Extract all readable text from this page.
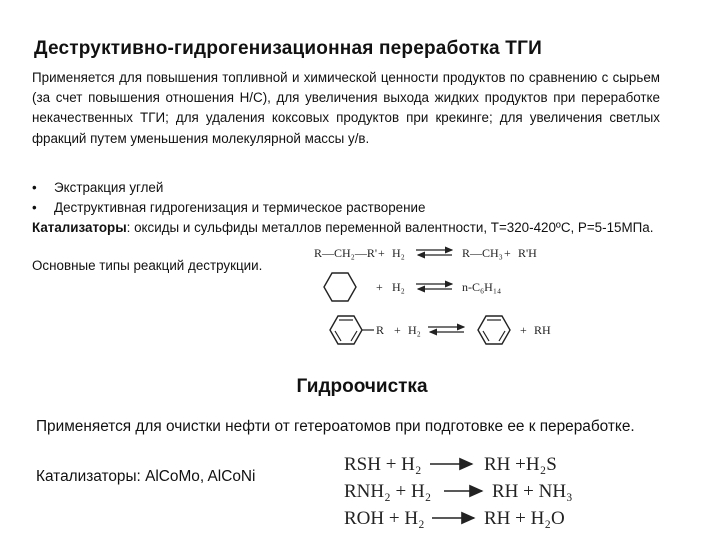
Деструктивно-гидрогенизационная переработка ТГИ
Применяется для повышения топливной и химической ценности продуктов по сравнению с сырьем (за счет повышения отношения Н/С), для увеличения выхода жидких продуктов при переработке некачественных ТГИ; для удаления коксовых продуктов при крекинге; для увеличения светлых фракций путем уменьшения молекулярной массы у/в.
• Экстракция углей
• Деструктивная гидрогенизация и термическое растворение
Катализаторы: оксиды и сульфиды металлов переменной валентности, Т=320-420ºС, Р=5-15МПа.
Основные типы реакций деструкции.
R—CH₂—R' + H₂	R—CH₃ + R'H
+ H₂	n-C₆H₁₄
R + H₂	+ RH
Гидроочистка
Применяется для очистки нефти от гетероатомов при подготовке ее к переработке.
Катализаторы: AlCoMo, AlCoNi
RSH + H₂	RH +H₂S
RNH₂ + H₂	RH + NH₃
ROH + H₂	RH + H₂O
